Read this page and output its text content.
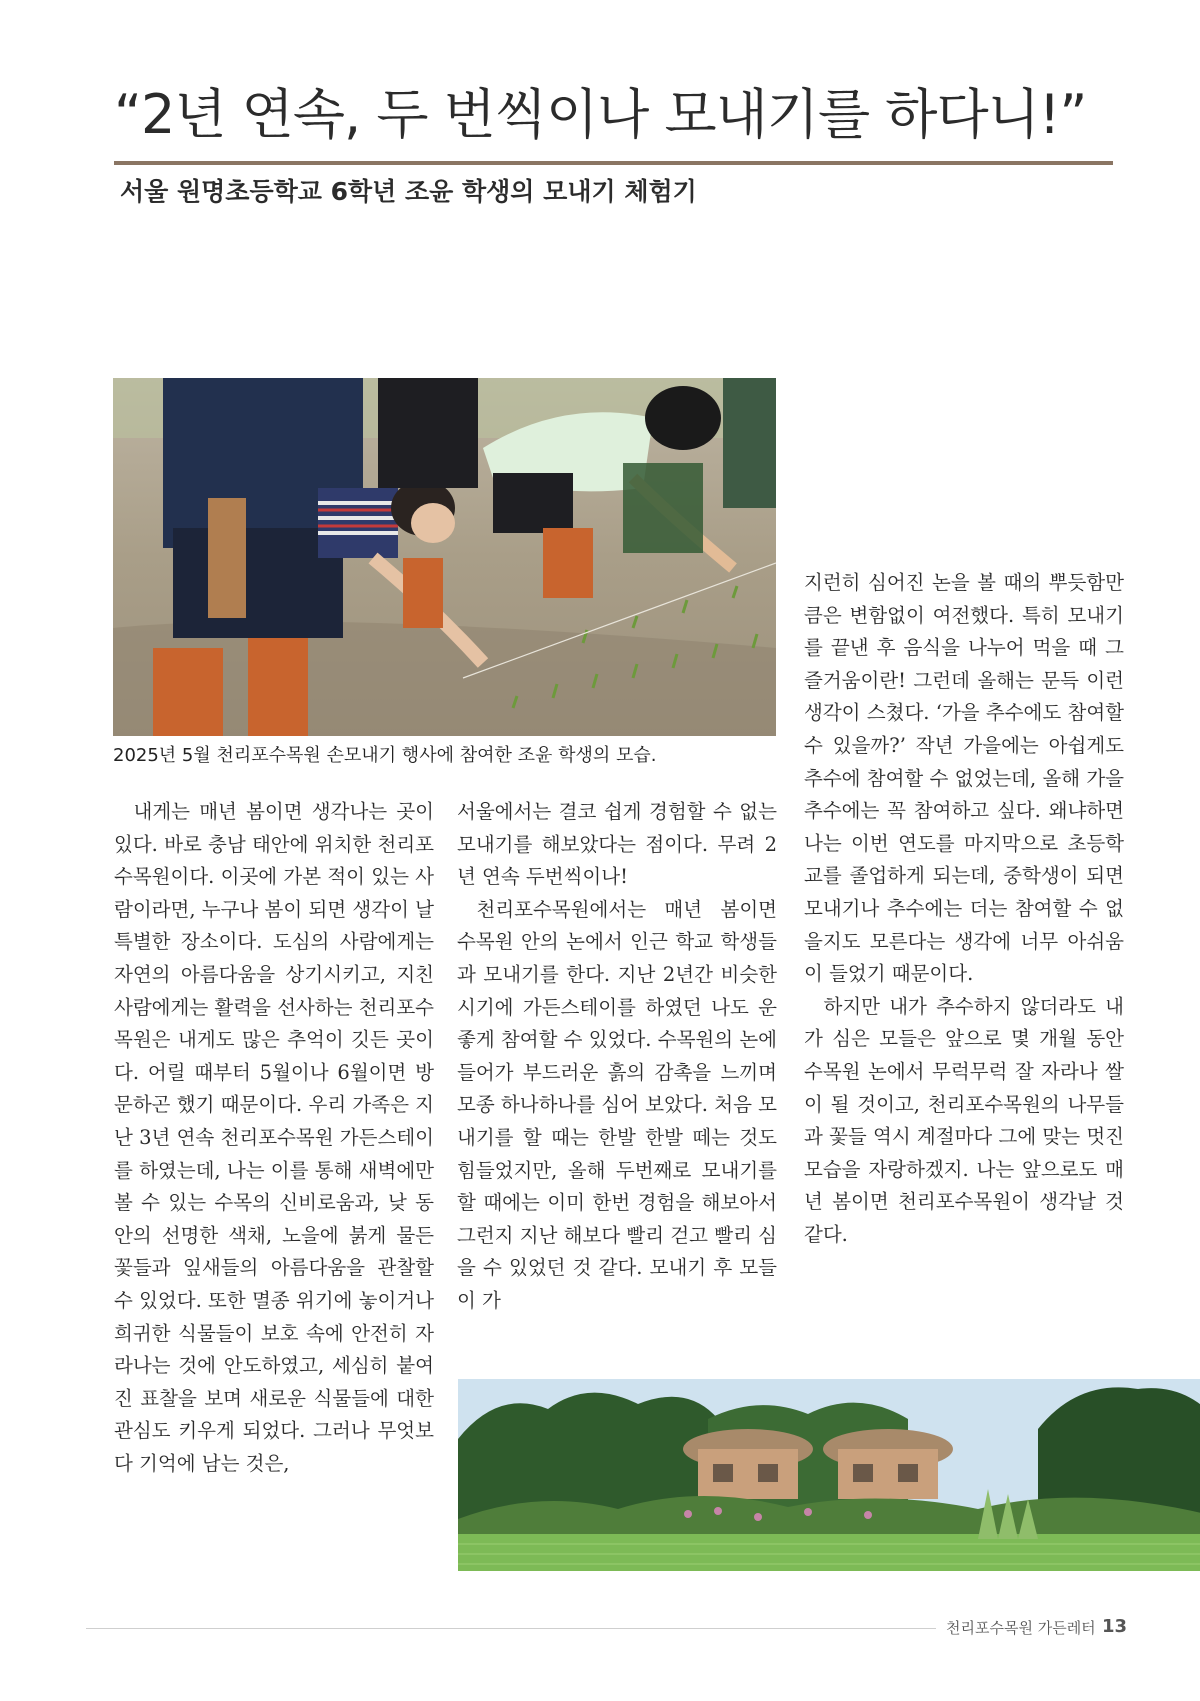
“2년 연속, 두 번씩이나 모내기를 하다니!”
서울 원명초등학교 6학년 조윤 학생의 모내기 체험기
2025년 5월 천리포수목원 손모내기 행사에 참여한 조윤 학생의 모습.

내게는 매년 봄이면 생각나는 곳이 있다. 바로 충남 태안에 위치한 천리포수목원이다. 이곳에 가본 적이 있는 사람이라면, 누구나 봄이 되면 생각이 날 특별한 장소이다. 도심의 사람에게는 자연의 아름다움을 상기시키고, 지친 사람에게는 활력을 선사하는 천리포수목원은 내게도 많은 추억이 깃든 곳이다. 어릴 때부터 5월이나 6월이면 방문하곤 했기 때문이다. 우리 가족은 지난 3년 연속 천리포수목원 가든스테이를 하였는데, 나는 이를 통해 새벽에만 볼 수 있는 수목의 신비로움과, 낮 동안의 선명한 색채, 노을에 붉게 물든 꽃들과 잎새들의 아름다움을 관찰할 수 있었다. 또한 멸종 위기에 놓이거나 희귀한 식물들이 보호 속에 안전히 자라나는 것에 안도하였고, 세심히 붙여진 표찰을 보며 새로운 식물들에 대한 관심도 키우게 되었다. 그러나 무엇보다 기억에 남는 것은,

서울에서는 결코 쉽게 경험할 수 없는 모내기를 해보았다는 점이다. 무려 2년 연속 두번씩이나!

천리포수목원에서는 매년 봄이면 수목원 안의 논에서 인근 학교 학생들과 모내기를 한다. 지난 2년간 비슷한 시기에 가든스테이를 하였던 나도 운 좋게 참여할 수 있었다. 수목원의 논에 들어가 부드러운 흙의 감촉을 느끼며 모종 하나하나를 심어 보았다. 처음 모내기를 할 때는 한발 한발 떼는 것도 힘들었지만, 올해 두번째로 모내기를 할 때에는 이미 한번 경험을 해보아서 그런지 지난 해보다 빨리 걷고 빨리 심을 수 있었던 것 같다. 모내기 후 모들이 가

지런히 심어진 논을 볼 때의 뿌듯함만큼은 변함없이 여전했다. 특히 모내기를 끝낸 후 음식을 나누어 먹을 때 그 즐거움이란! 그런데 올해는 문득 이런 생각이 스쳤다. ‘가을 추수에도 참여할 수 있을까?’ 작년 가을에는 아쉽게도 추수에 참여할 수 없었는데, 올해 가을 추수에는 꼭 참여하고 싶다. 왜냐하면 나는 이번 연도를 마지막으로 초등학교를 졸업하게 되는데, 중학생이 되면 모내기나 추수에는 더는 참여할 수 없을지도 모른다는 생각에 너무 아쉬움이 들었기 때문이다.

하지만 내가 추수하지 않더라도 내가 심은 모들은 앞으로 몇 개월 동안 수목원 논에서 무럭무럭 잘 자라나 쌀이 될 것이고, 천리포수목원의 나무들과 꽃들 역시 계절마다 그에 맞는 멋진 모습을 자랑하겠지. 나는 앞으로도 매년 봄이면 천리포수목원이 생각날 것 같다.

천리포수목원 가든레터 13
